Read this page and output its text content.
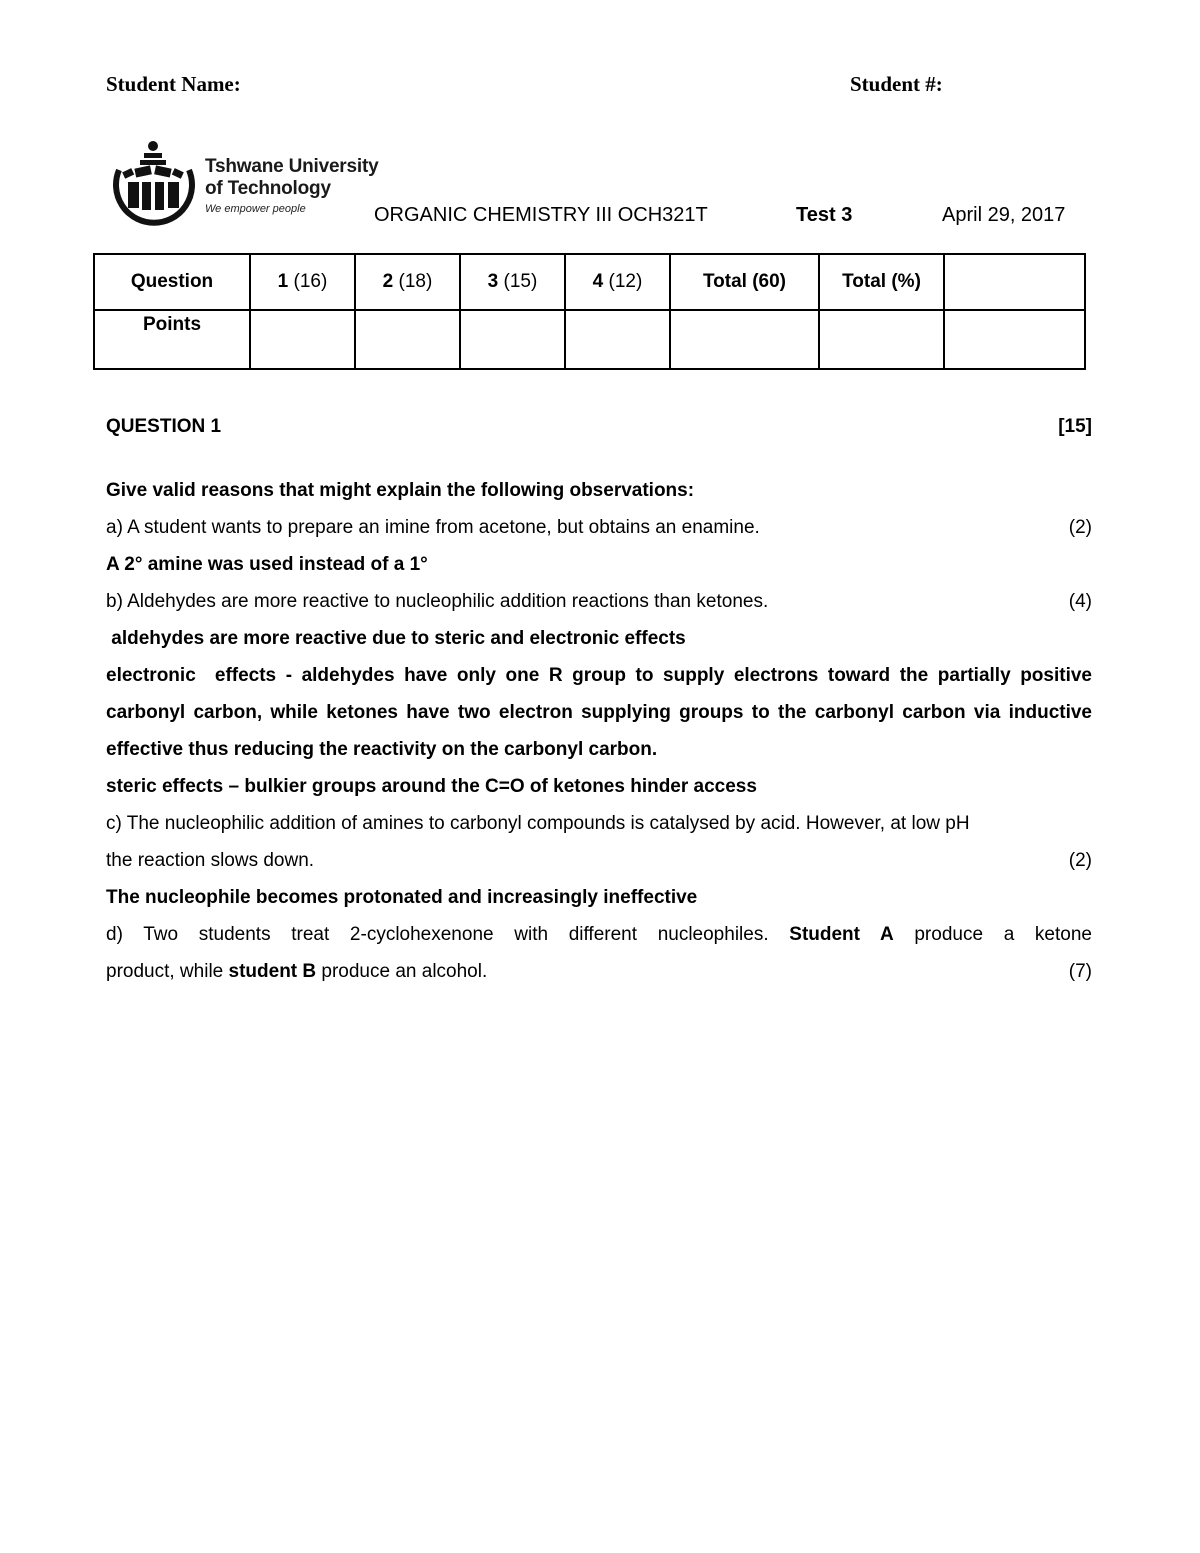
Student Name:	Student #:
Tshwane University
of Technology
We empower people	ORGANIC CHEMISTRY III OCH321T	Test 3	April 29, 2017
Question	1 (16)	2 (18)	3 (15)	4 (12)	Total (60)	Total (%)	
Points							
QUESTION 1	[15]

Give valid reasons that might explain the following observations:

a) A student wants to prepare an imine from acetone, but obtains an enamine.	(2)

A 2° amine was used instead of a 1°

b) Aldehydes are more reactive to nucleophilic addition reactions than ketones.	(4)

aldehydes are more reactive due to steric and electronic effects

electronic  effects - aldehydes have only one R group to supply electrons toward the partially positive carbonyl carbon, while ketones have two electron supplying groups to the carbonyl carbon via inductive effective thus reducing the reactivity on the carbonyl carbon.

steric effects – bulkier groups around the C=O of ketones hinder access

c) The nucleophilic addition of amines to carbonyl compounds is catalysed by acid. However, at low pH

the reaction slows down.	(2)

The nucleophile becomes protonated and increasingly ineffective

d) Two students treat 2-cyclohexenone with different nucleophiles. Student A produce a ketone

product, while student B produce an alcohol.	(7)
